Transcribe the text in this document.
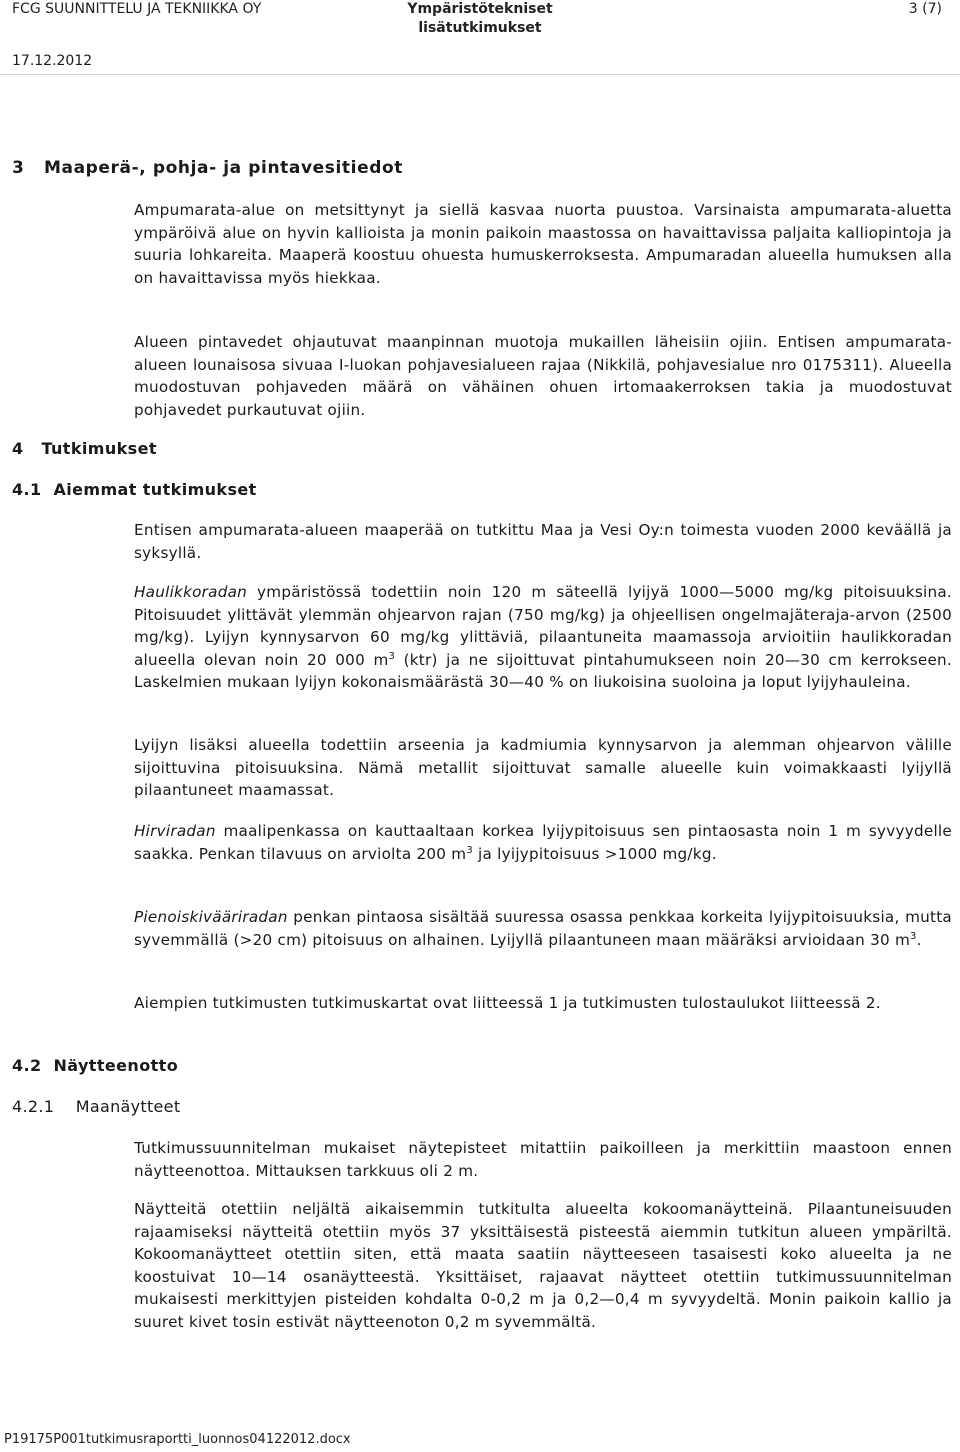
FCG SUUNNITTELU JA TEKNIIKKA OY	Ympäristötekniset
lisätutkimukset
3 (7)
17.12.2012
3   Maaperä-, pohja- ja pintavesitiedot

Ampumarata-alue on metsittynyt ja siellä kasvaa nuorta puustoa. Varsinaista ampumarata-aluetta ympäröivä alue on hyvin kallioista ja monin paikoin maastossa on havaittavissa paljaita kalliopintoja ja suuria lohkareita. Maaperä koostuu ohuesta humuskerroksesta. Ampumaradan alueella humuksen alla on havaittavissa myös hiekkaa.

Alueen pintavedet ohjautuvat maanpinnan muotoja mukaillen läheisiin ojiin. Entisen ampumarata-alueen lounaisosa sivuaa I-luokan pohjavesialueen rajaa (Nikkilä, pohjavesialue nro 0175311). Alueella muodostuvan pohjaveden määrä on vähäinen ohuen irtomaakerroksen takia ja muodostuvat pohjavedet purkautuvat ojiin.

4   Tutkimukset
4.1  Aiemmat tutkimukset

Entisen ampumarata-alueen maaperää on tutkittu Maa ja Vesi Oy:n toimesta vuoden 2000 keväällä ja syksyllä.

Haulikkoradan ympäristössä todettiin noin 120 m säteellä lyijyä 1000—5000 mg/kg pitoisuuksina. Pitoisuudet ylittävät ylemmän ohjearvon rajan (750 mg/kg) ja ohjeellisen ongelmajäteraja-arvon (2500 mg/kg). Lyijyn kynnysarvon 60 mg/kg ylittäviä, pilaantuneita maamassoja arvioitiin haulikkoradan alueella olevan noin 20 000 $m^3$ (ktr) ja ne sijoittuvat pintahumukseen noin 20—30 cm kerrokseen. Laskelmien mukaan lyijyn kokonaismäärästä 30—40 % on liukoisina suoloina ja loput lyijyhauleina.

Lyijyn lisäksi alueella todettiin arseenia ja kadmiumia kynnysarvon ja alemman ohjearvon välille sijoittuvina pitoisuuksina. Nämä metallit sijoittuvat samalle alueelle kuin voimakkaasti lyijyllä pilaantuneet maamassat.

Hirviradan maalipenkassa on kauttaaltaan korkea lyijypitoisuus sen pintaosasta noin 1 m syvyydelle saakka. Penkan tilavuus on arviolta 200 $m^3$ ja lyijypitoisuus >1000 mg/kg.

Pienoiskivääriradan penkan pintaosa sisältää suuressa osassa penkkaa korkeita lyijypitoisuuksia, mutta syvemmällä (>20 cm) pitoisuus on alhainen. Lyijyllä pilaantuneen maan määräksi arvioidaan 30 $m^3$.

Aiempien tutkimusten tutkimuskartat ovat liitteessä 1 ja tutkimusten tulostaulukot liitteessä 2.

4.2  Näytteenotto
4.2.1    Maanäytteet

Tutkimussuunnitelman mukaiset näytepisteet mitattiin paikoilleen ja merkittiin maastoon ennen näytteenottoa. Mittauksen tarkkuus oli 2 m.

Näytteitä otettiin neljältä aikaisemmin tutkitulta alueelta kokoomanäytteinä. Pilaantuneisuuden rajaamiseksi näytteitä otettiin myös 37 yksittäisestä pisteestä aiemmin tutkitun alueen ympäriltä. Kokoomanäytteet otettiin siten, että maata saatiin näytteeseen tasaisesti koko alueelta ja ne koostuivat 10—14 osanäytteestä. Yksittäiset, rajaavat näytteet otettiin tutkimussuunnitelman mukaisesti merkittyjen pisteiden kohdalta 0-0,2 m ja 0,2—0,4 m syvyydeltä. Monin paikoin kallio ja suuret kivet tosin estivät näytteenoton 0,2 m syvemmältä.

P19175P001tutkimusraportti_luonnos04122012.docx
